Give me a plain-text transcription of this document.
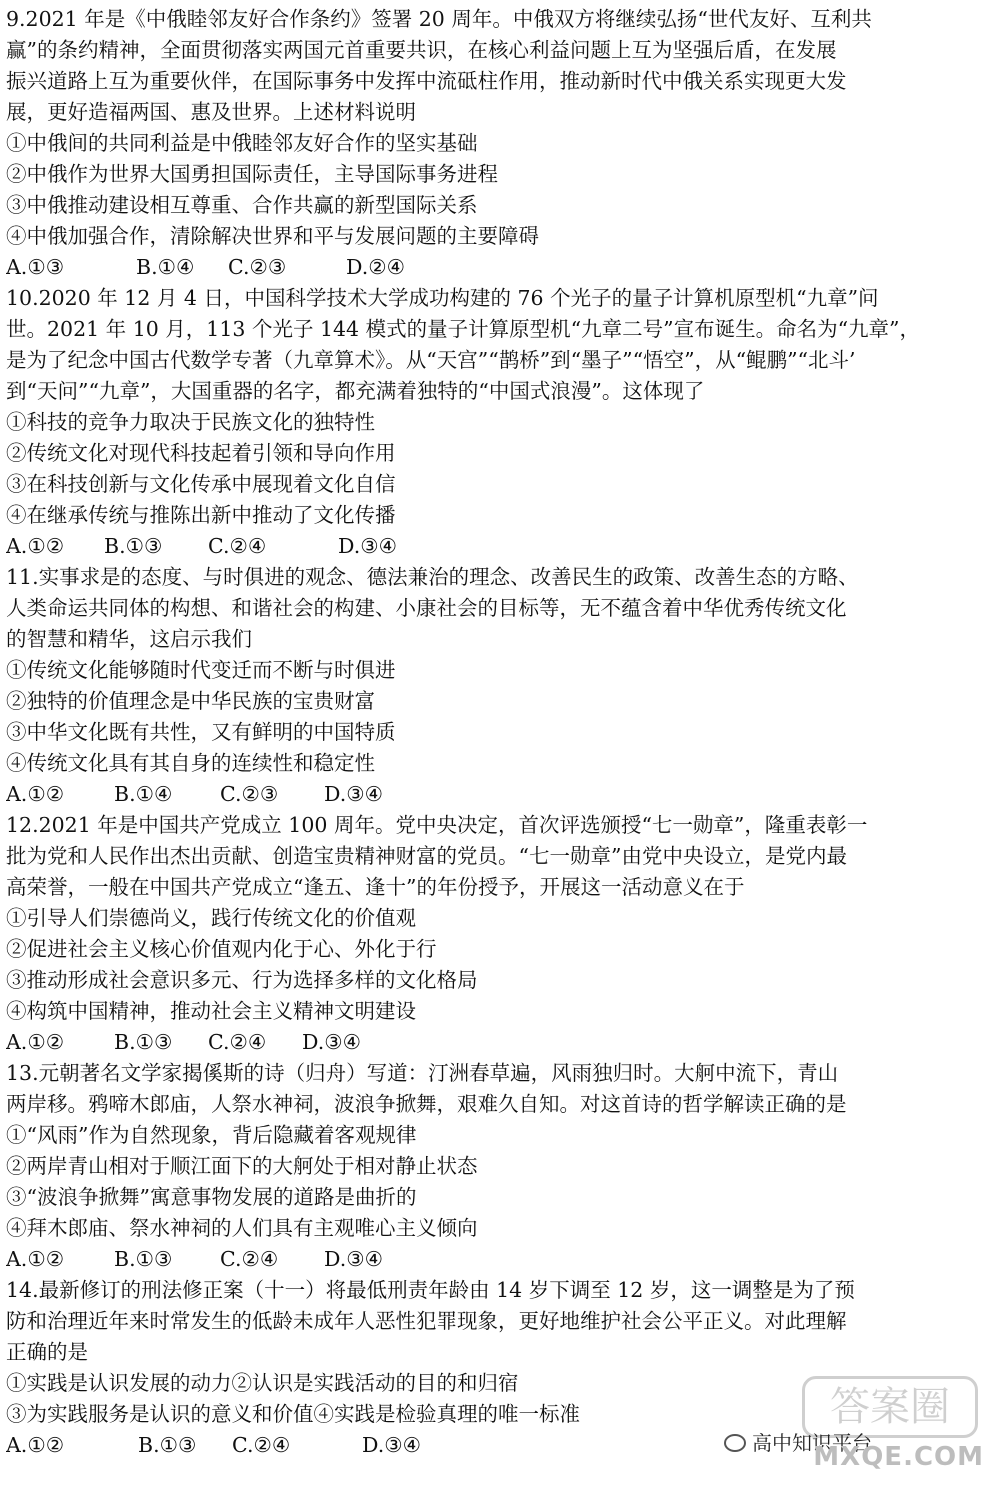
9.2021 年是《中俄睦邻友好合作条约》签署 20 周年。中俄双方将继续弘扬“世代友好、互利共
赢”的条约精神，全面贯彻落实两国元首重要共识，在核心利益问题上互为坚强后盾，在发展
振兴道路上互为重要伙伴，在国际事务中发挥中流砥柱作用，推动新时代中俄关系实现更大发
展，更好造福两国、惠及世界。上述材料说明
①中俄间的共同利益是中俄睦邻友好合作的坚实基础
②中俄作为世界大国勇担国际责任，主导国际事务进程
③中俄推动建设相互尊重、合作共赢的新型国际关系
④中俄加强合作，清除解决世界和平与发展问题的主要障碍
A.①③	B.①④ C.②③	D.②④
10.2020 年 12 月 4 日，中国科学技术大学成功构建的 76 个光子的量子计算机原型机“九章”问
世。2021 年 10 月，113 个光子 144 模式的量子计算原型机“九章二号”宣布诞生。命名为“九章”，
是为了纪念中国古代数学专著（九章算术》。从“天宫”“鹊桥”到“墨子”“悟空”，从“鲲鹏”“北斗’
到“天问”“九章”，大国重器的名字，都充满着独特的“中国式浪漫”。这体现了
①科技的竞争力取决于民族文化的独特性
②传统文化对现代科技起着引领和导向作用
③在科技创新与文化传承中展现着文化自信
④在继承传统与推陈出新中推动了文化传播
A.①② B.①③ C.②④	D.③④
11.实事求是的态度、与时俱进的观念、德法兼治的理念、改善民生的政策、改善生态的方略、
人类命运共同体的构想、和谐社会的构建、小康社会的目标等，无不蕴含着中华优秀传统文化
的智慧和精华，这启示我们
①传统文化能够随时代变迁而不断与时俱进
②独特的价值理念是中华民族的宝贵财富
③中华文化既有共性，又有鲜明的中国特质
④传统文化具有其自身的连续性和稳定性
A.①② B.①④ C.②③ D.③④
12.2021 年是中国共产党成立 100 周年。党中央决定，首次评选颁授“七一勋章”，隆重表彰一
批为党和人民作出杰出贡献、创造宝贵精神财富的党员。“七一勋章”由党中央设立，是党内最
高荣誉，一般在中国共产党成立“逢五、逢十”的年份授予，开展这一活动意义在于
①引导人们崇德尚义，践行传统文化的价值观
②促进社会主义核心价值观内化于心、外化于行
③推动形成社会意识多元、行为选择多样的文化格局
④构筑中国精神，推动社会主义精神文明建设
A.①② B.①③ C.②④ D.③④
13.元朝著名文学家揭傒斯的诗（归舟）写道：汀洲春草遍，风雨独归时。大舸中流下，青山
两岸移。鸦啼木郎庙，人祭水神祠，波浪争掀舞，艰难久自知。对这首诗的哲学解读正确的是
①“风雨”作为自然现象，背后隐藏着客观规律
②两岸青山相对于顺江面下的大舸处于相对静止状态
③“波浪争掀舞”寓意事物发展的道路是曲折的
④拜木郎庙、祭水神祠的人们具有主观唯心主义倾向
A.①② B.①③ C.②④ D.③④
14.最新修订的刑法修正案（十一）将最低刑责年龄由 14 岁下调至 12 岁，这一调整是为了预
防和治理近年来时常发生的低龄未成年人恶性犯罪现象，更好地维护社会公平正义。对此理解
正确的是
①实践是认识发展的动力②认识是实践活动的目的和归宿
③为实践服务是认识的意义和价值④实践是检验真理的唯一标准
A.①②	B.①③ C.②④	D.③④
答案圈
高中知识平台
MXQE.COM
